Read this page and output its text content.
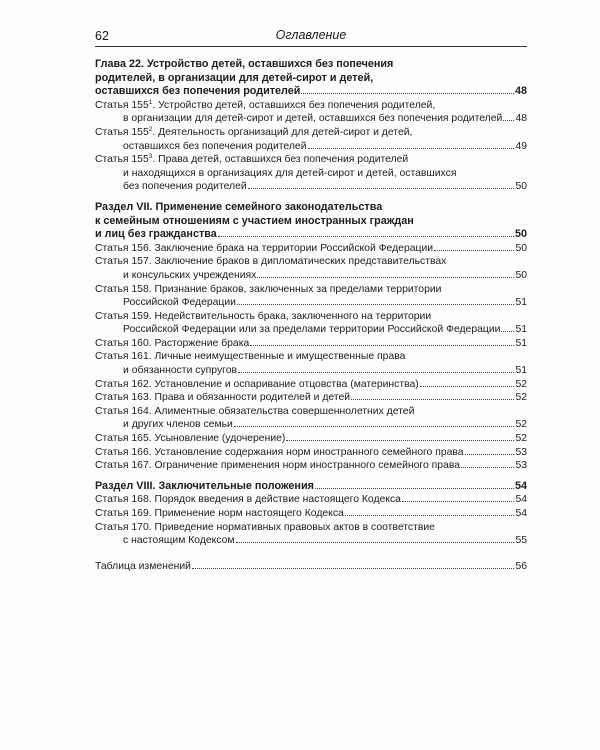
62	Оглавление
Глава 22. Устройство детей, оставшихся без попечения
родителей, в организации для детей-сирот и детей,
оставшихся без попечения родителей	48
Статья $155^1$. Устройство детей, оставшихся без попечения родителей,
в организации для детей-сирот и детей, оставшихся без попечения родителей 48
Статья $155^2$. Деятельность организаций для детей-сирот и детей,
оставшихся без попечения родителей	49
Статья $155^3$. Права детей, оставшихся без попечения родителей
и находящихся в организациях для детей-сирот и детей, оставшихся
без попечения родителей	50
Раздел VII. Применение семейного законодательства
к семейным отношениям с участием иностранных граждан
и лиц без гражданства	50
Статья 156. Заключение брака на территории Российской Федерации	50
Статья 157. Заключение браков в дипломатических представительствах
и консульских учреждениях	50
Статья 158. Признание браков, заключенных за пределами территории
Российской Федерации	51
Статья 159. Недействительность брака, заключенного на территории
Российской Федерации или за пределами территории Российской Федерации 51
Статья 160. Расторжение брака	51
Статья 161. Личные неимущественные и имущественные права
и обязанности супругов	51
Статья 162. Установление и оспаривание отцовства (материнства)	52
Статья 163. Права и обязанности родителей и детей	52
Статья 164. Алиментные обязательства совершеннолетних детей
и других членов семьи	52
Статья 165. Усыновление (удочерение)	52
Статья 166. Установление содержания норм иностранного семейного права	53
Статья 167. Ограничение применения норм иностранного семейного права	53
Раздел VIII. Заключительные положения	54
Статья 168. Порядок введения в действие настоящего Кодекса	54
Статья 169. Применение норм настоящего Кодекса	54
Статья 170. Приведение нормативных правовых актов в соответствие
с настоящим Кодексом	55
Таблица изменений	56
